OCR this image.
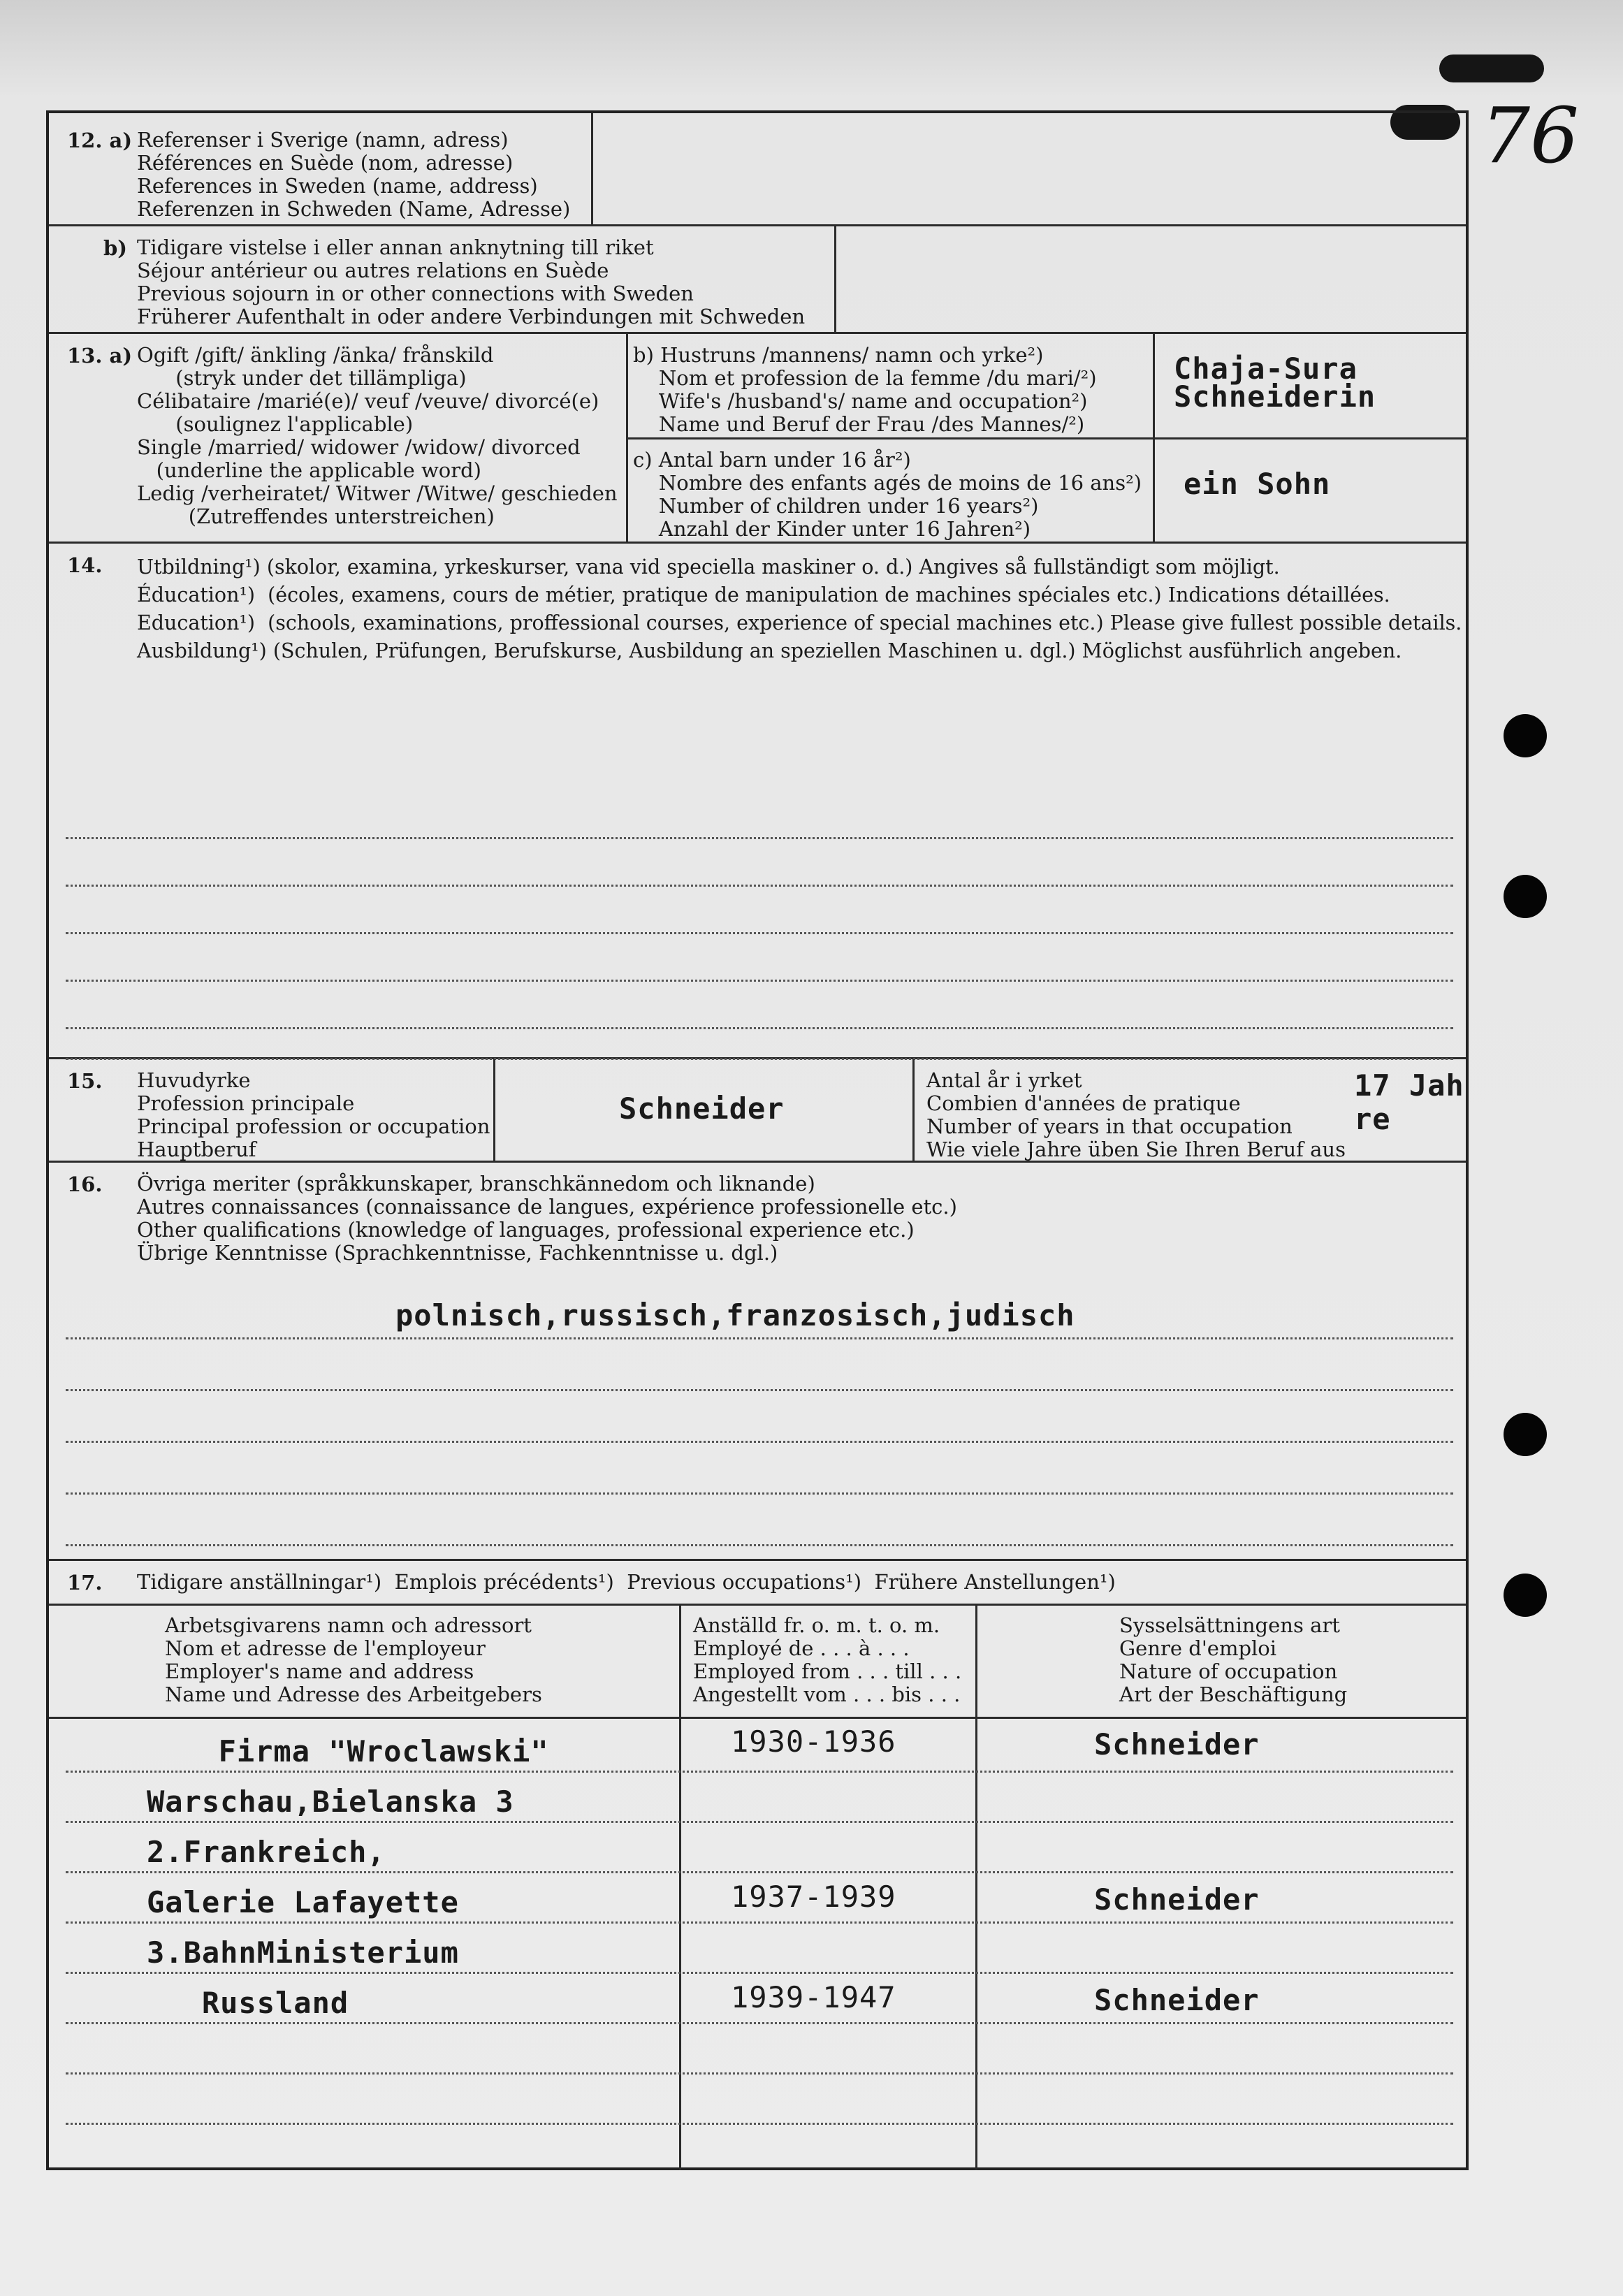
76
12. a) Referenser i Sverige (namn, adress)
Références en Suède (nom, adresse)
References in Sweden (name, address)
Referenzen in Schweden (Name, Adresse)
b) Tidigare vistelse i eller annan anknytning till riket
Séjour antérieur ou autres relations en Suède
Previous sojourn in or other connections with Sweden
Früherer Aufenthalt in oder andere Verbindungen mit Schweden
13. a) Ogift /gift/ änkling /änka/ frånskild
(stryk under det tillämpliga)
Célibataire /marié(e)/ veuf /veuve/ divorcé(e)
(soulignez l'applicable)
Single /married/ widower /widow/ divorced
(underline the applicable word)
Ledig /verheiratet/ Witwer /Witwe/ geschieden
(Zutreffendes unterstreichen)
b) Hustruns /mannens/ namn och yrke²)
Nom et profession de la femme /du mari/²)
Wife's /husband's/ name and occupation²)
Name und Beruf der Frau /des Mannes/²)
Chaja-Sura
Schneiderin
c) Antal barn under 16 år²)
Nombre des enfants agés de moins de 16 ans²)
Number of children under 16 years²)
Anzahl der Kinder unter 16 Jahren²)
ein Sohn
14. Utbildning¹) (skolor, examina, yrkeskurser, vana vid speciella maskiner o. d.) Angives så fullständigt som möjligt.
Éducation¹)  (écoles, examens, cours de métier, pratique de manipulation de machines spéciales etc.) Indications détaillées.
Education¹)  (schools, examinations, proffessional courses, experience of special machines etc.) Please give fullest possible details.
Ausbildung¹) (Schulen, Prüfungen, Berufskurse, Ausbildung an speziellen Maschinen u. dgl.) Möglichst ausführlich angeben.
15. Huvudyrke
Profession principale
Principal profession or occupation
Hauptberuf
Schneider
Antal år i yrket
Combien d'années de pratique
Number of years in that occupation
Wie viele Jahre üben Sie Ihren Beruf aus
17 Jah
re
16. Övriga meriter (språkkunskaper, branschkännedom och liknande)
Autres connaissances (connaissance de langues, expérience professionelle etc.)
Other qualifications (knowledge of languages, professional experience etc.)
Übrige Kenntnisse (Sprachkenntnisse, Fachkenntnisse u. dgl.)
polnisch,russisch,franzosisch,judisch
17. Tidigare anställningar¹)  Emplois précédents¹)  Previous occupations¹)  Frühere Anstellungen¹)
Arbetsgivarens namn och adressort
Nom et adresse de l'employeur
Employer's name and address
Name und Adresse des Arbeitgebers
Anställd fr. o. m. t. o. m.
Employé de . . . à . . .
Employed from . . . till . . .
Angestellt vom . . . bis . . .
Sysselsättningens art
Genre d'emploi
Nature of occupation
Art der Beschäftigung
Firma "Wroclawski"
Warschau,Bielanska 3
2.Frankreich,
Galerie Lafayette
3.BahnMinisterium
Russland
1930-1936
1937-1939
1939-1947
Schneider
Schneider
Schneider
